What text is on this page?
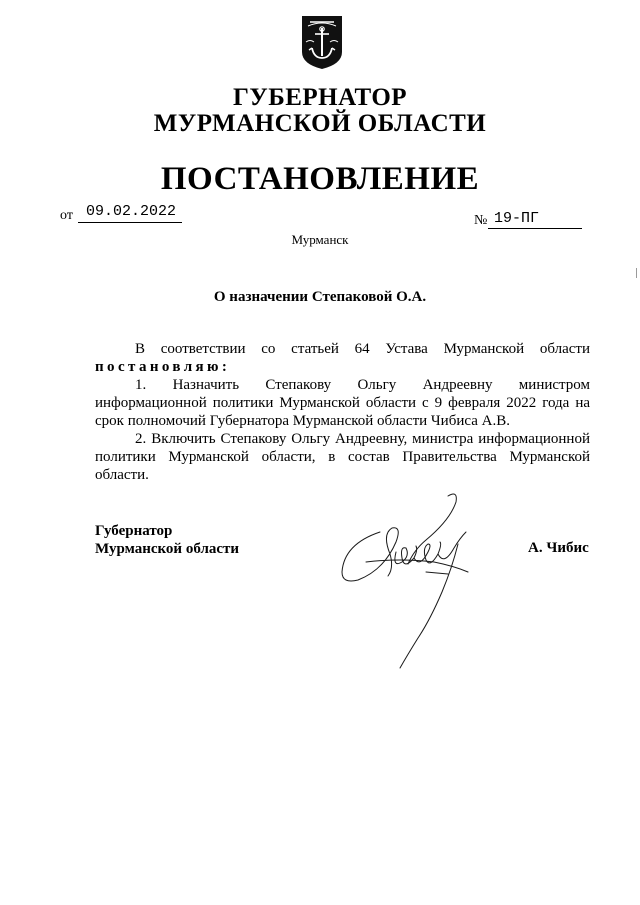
ГУБЕРНАТОР
МУРМАНСКОЙ ОБЛАСТИ
ПОСТАНОВЛЕНИЕ
от 09.02.2022
№ 19-ПГ
Мурманск
О назначении Степаковой О.А.
В соответствии со статьей 64 Устава Мурманской области
постановляю:
1. Назначить Степакову Ольгу Андреевну министром
информационной политики Мурманской области с 9 февраля 2022 года на
срок полномочий Губернатора Мурманской области Чибиса А.В.
2. Включить Степакову Ольгу Андреевну, министра информационной
политики Мурманской области, в состав Правительства Мурманской
области.
Губернатор
Мурманской области	А. Чибис
